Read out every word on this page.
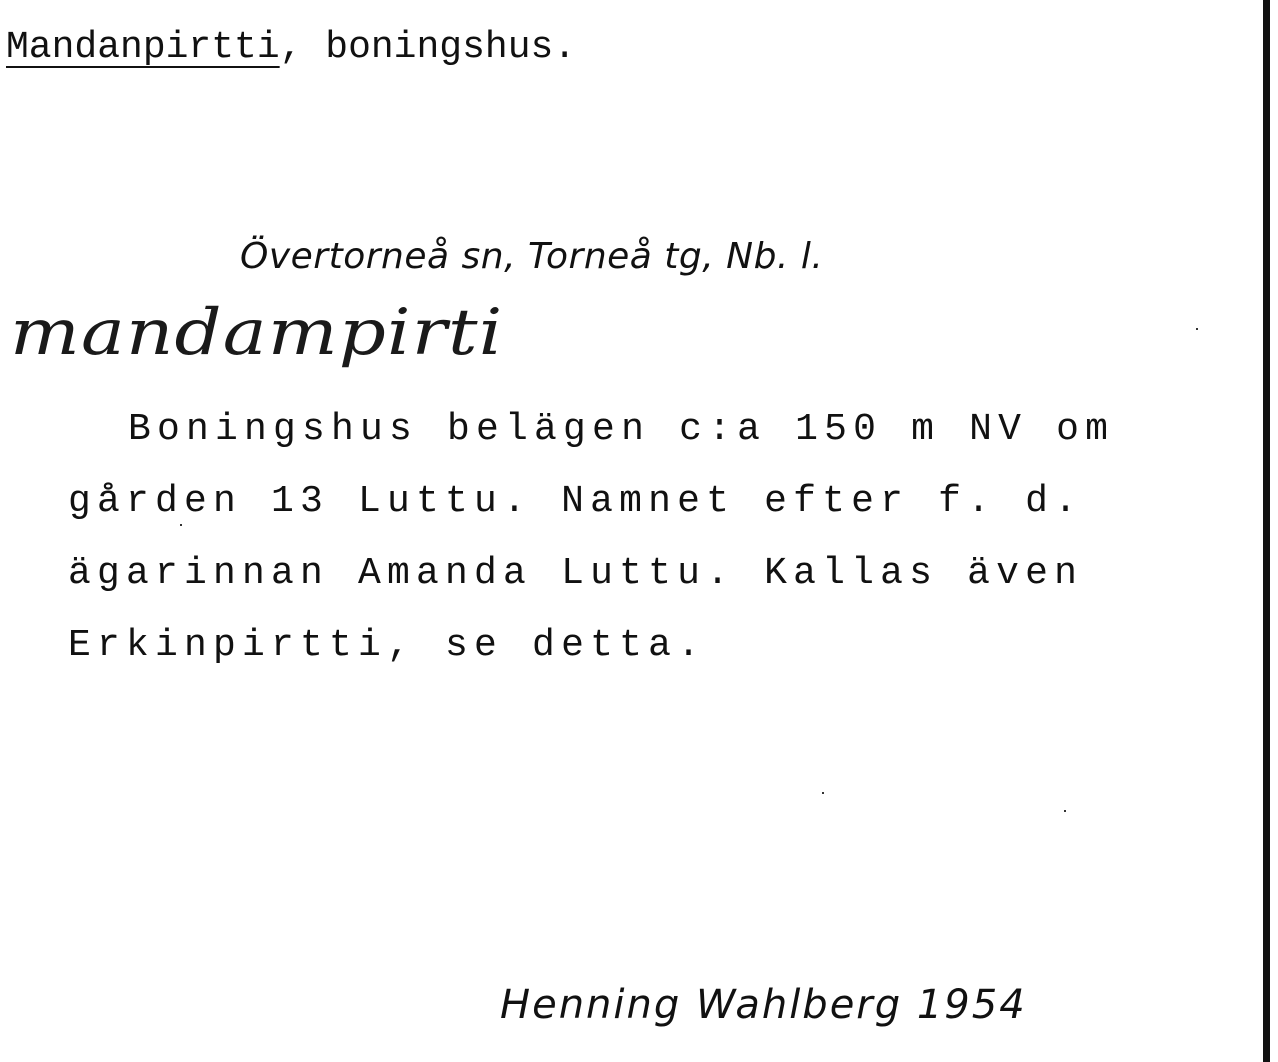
Mandanpirtti, boningshus.
Övertorneå sn, Torneå tg, Nb. l.
mandampirti
Boningshus belägen c:a 150 m NV om
gården 13 Luttu. Namnet efter f. d.
ägarinnan Amanda Luttu. Kallas även
Erkinpirtti, se detta.
Henning Wahlberg 1954
